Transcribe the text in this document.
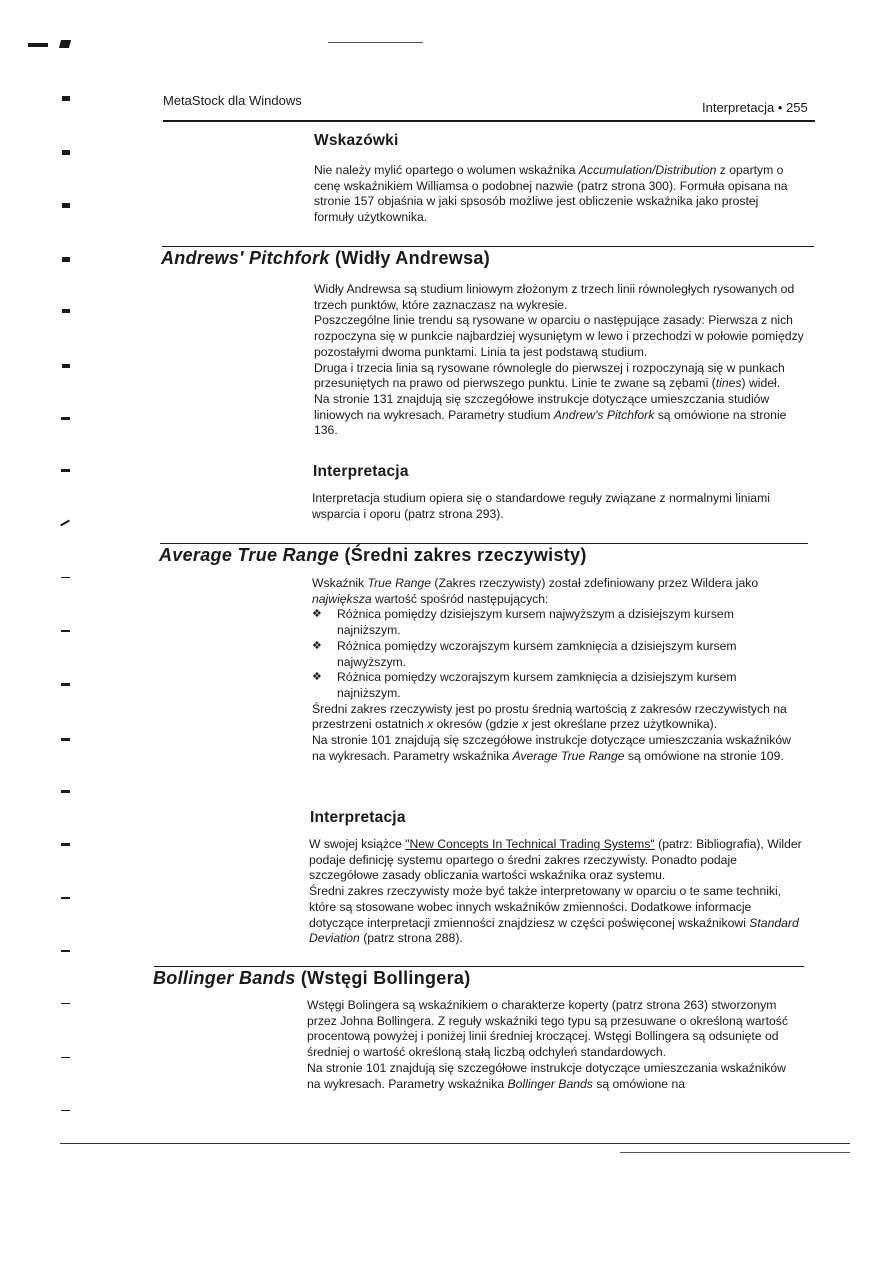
MetaStock dla Windows	Interpretacja • 255
Wskazówki

Nie należy mylić opartego o wolumen wskaźnika Accumulation/Distribution z opartym o cenę wskaźnikiem Williamsa o podobnej nazwie (patrz strona 300). Formuła opisana na stronie 157 objaśnia w jaki spsosób możliwe jest obliczenie wskaźnika jako prostej formuły użytkownika.

Andrews' Pitchfork (Widły Andrewsa)

Widły Andrewsa są studium liniowym złożonym z trzech linii równoległych rysowanych od trzech punktów, które zaznaczasz na wykresie.

Poszczególne linie trendu są rysowane w oparciu o następujące zasady: Pierwsza z nich rozpoczyna się w punkcie najbardziej wysuniętym w lewo i przechodzi w połowie pomiędzy pozostałymi dwoma punktami. Linia ta jest podstawą studium.

Druga i trzecia linia są rysowane równolegle do pierwszej i rozpoczynają się w punkach przesuniętych na prawo od pierwszego punktu. Linie te zwane są zębami (tines) wideł.

Na stronie 131 znajdują się szczegółowe instrukcje dotyczące umieszczania studiów liniowych na wykresach. Parametry studium Andrew's Pitchfork są omówione na stronie 136.

Interpretacja

Interpretacja studium opiera się o standardowe reguły związane z normalnymi liniami wsparcia i oporu (patrz strona 293).

Average True Range (Średni zakres rzeczywisty)

Wskaźnik True Range (Zakres rzeczywisty) został zdefiniowany przez Wildera jako największa wartość spośród następujących:

❖ Różnica pomiędzy dzisiejszym kursem najwyższym a dzisiejszym kursem najniższym.
❖ Różnica pomiędzy wczorajszym kursem zamknięcia a dzisiejszym kursem najwyższym.
❖ Różnica pomiędzy wczorajszym kursem zamknięcia a dzisiejszym kursem najniższym.

Średni zakres rzeczywisty jest po prostu średnią wartością z zakresów rzeczywistych na przestrzeni ostatnich x okresów (gdzie x jest określane przez użytkownika).

Na stronie 101 znajdują się szczegółowe instrukcje dotyczące umieszczania wskaźników na wykresach. Parametry wskaźnika Average True Range są omówione na stronie 109.

Interpretacja

W swojej książce "New Concepts In Technical Trading Systems" (patrz: Bibliografia), Wilder podaje definicję systemu opartego o średni zakres rzeczywisty. Ponadto podaje szczegółowe zasady obliczania wartości wskaźnika oraz systemu.

Średni zakres rzeczywisty może być także interpretowany w oparciu o te same techniki, które są stosowane wobec innych wskaźników zmienności. Dodatkowe informacje dotyczące interpretacji zmienności znajdziesz w części poświęconej wskaźnikowi Standard Deviation (patrz strona 288).

Bollinger Bands (Wstęgi Bollingera)

Wstęgi Bolingera są wskaźnikiem o charakterze koperty (patrz strona 263) stworzonym przez Johna Bollingera. Z reguły wskaźniki tego typu są przesuwane o określoną wartość procentową powyżej i poniżej linii średniej kroczącej. Wstęgi Bollingera są odsunięte od średniej o wartość określoną stałą liczbą odchyleń standardowych.

Na stronie 101 znajdują się szczegółowe instrukcje dotyczące umieszczania wskaźników na wykresach. Parametry wskaźnika Bollinger Bands są omówione na
